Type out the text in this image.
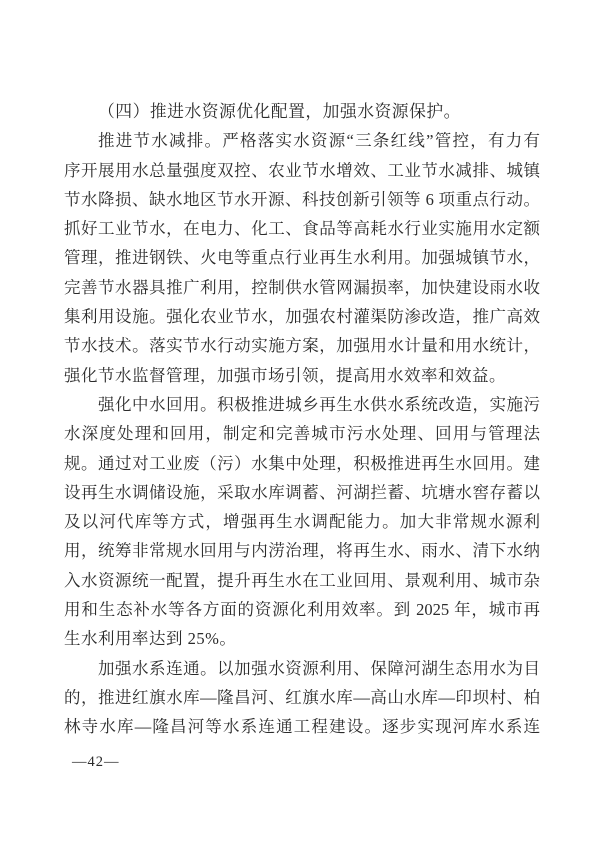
（四）推进水资源优化配置，加强水资源保护。
推进节水减排。严格落实水资源“三条红线”管控，有力有
序开展用水总量强度双控、农业节水增效、工业节水减排、城镇
节水降损、缺水地区节水开源、科技创新引领等 6 项重点行动。
抓好工业节水，在电力、化工、食品等高耗水行业实施用水定额
管理，推进钢铁、火电等重点行业再生水利用。加强城镇节水，
完善节水器具推广利用，控制供水管网漏损率，加快建设雨水收
集利用设施。强化农业节水，加强农村灌渠防渗改造，推广高效
节水技术。落实节水行动实施方案，加强用水计量和用水统计，
强化节水监督管理，加强市场引领，提高用水效率和效益。
强化中水回用。积极推进城乡再生水供水系统改造，实施污
水深度处理和回用，制定和完善城市污水处理、回用与管理法
规。通过对工业废（污）水集中处理，积极推进再生水回用。建
设再生水调储设施，采取水库调蓄、河湖拦蓄、坑塘水窖存蓄以
及以河代库等方式，增强再生水调配能力。加大非常规水源利
用，统筹非常规水回用与内涝治理，将再生水、雨水、清下水纳
入水资源统一配置，提升再生水在工业回用、景观利用、城市杂
用和生态补水等各方面的资源化利用效率。到 2025 年，城市再
生水利用率达到 25%。
加强水系连通。以加强水资源利用、保障河湖生态用水为目
的，推进红旗水库—隆昌河、红旗水库—高山水库—印坝村、柏
林寺水库—隆昌河等水系连通工程建设。逐步实现河库水系连
—42—
